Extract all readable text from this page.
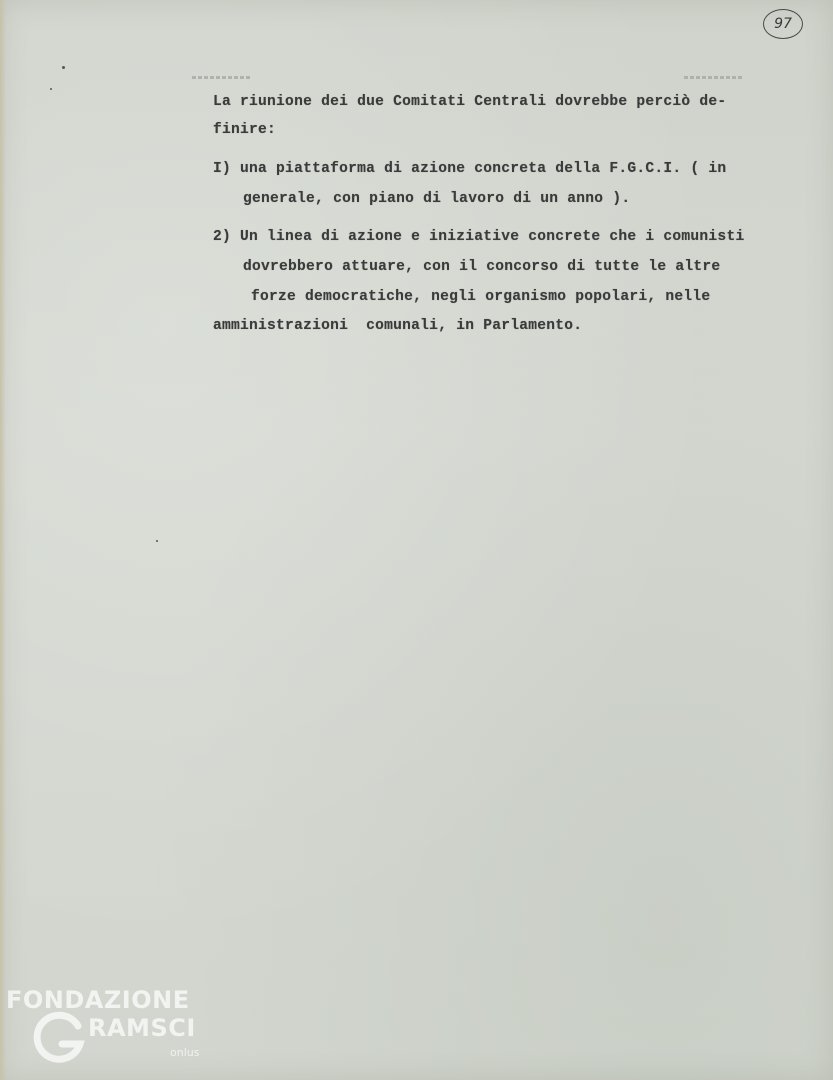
97
La riunione dei due Comitati Centrali dovrebbe perciò de-
finire:
I) una piattaforma di azione concreta della F.G.C.I. ( in
generale, con piano di lavoro di un anno ).
2) Un linea di azione e iniziative concrete che i comunisti
dovrebbero attuare, con il concorso di tutte le altre
forze democratiche, negli organismo popolari, nelle
amministrazioni  comunali, in Parlamento.
FONDAZIONE
RAMSCI
onlus
